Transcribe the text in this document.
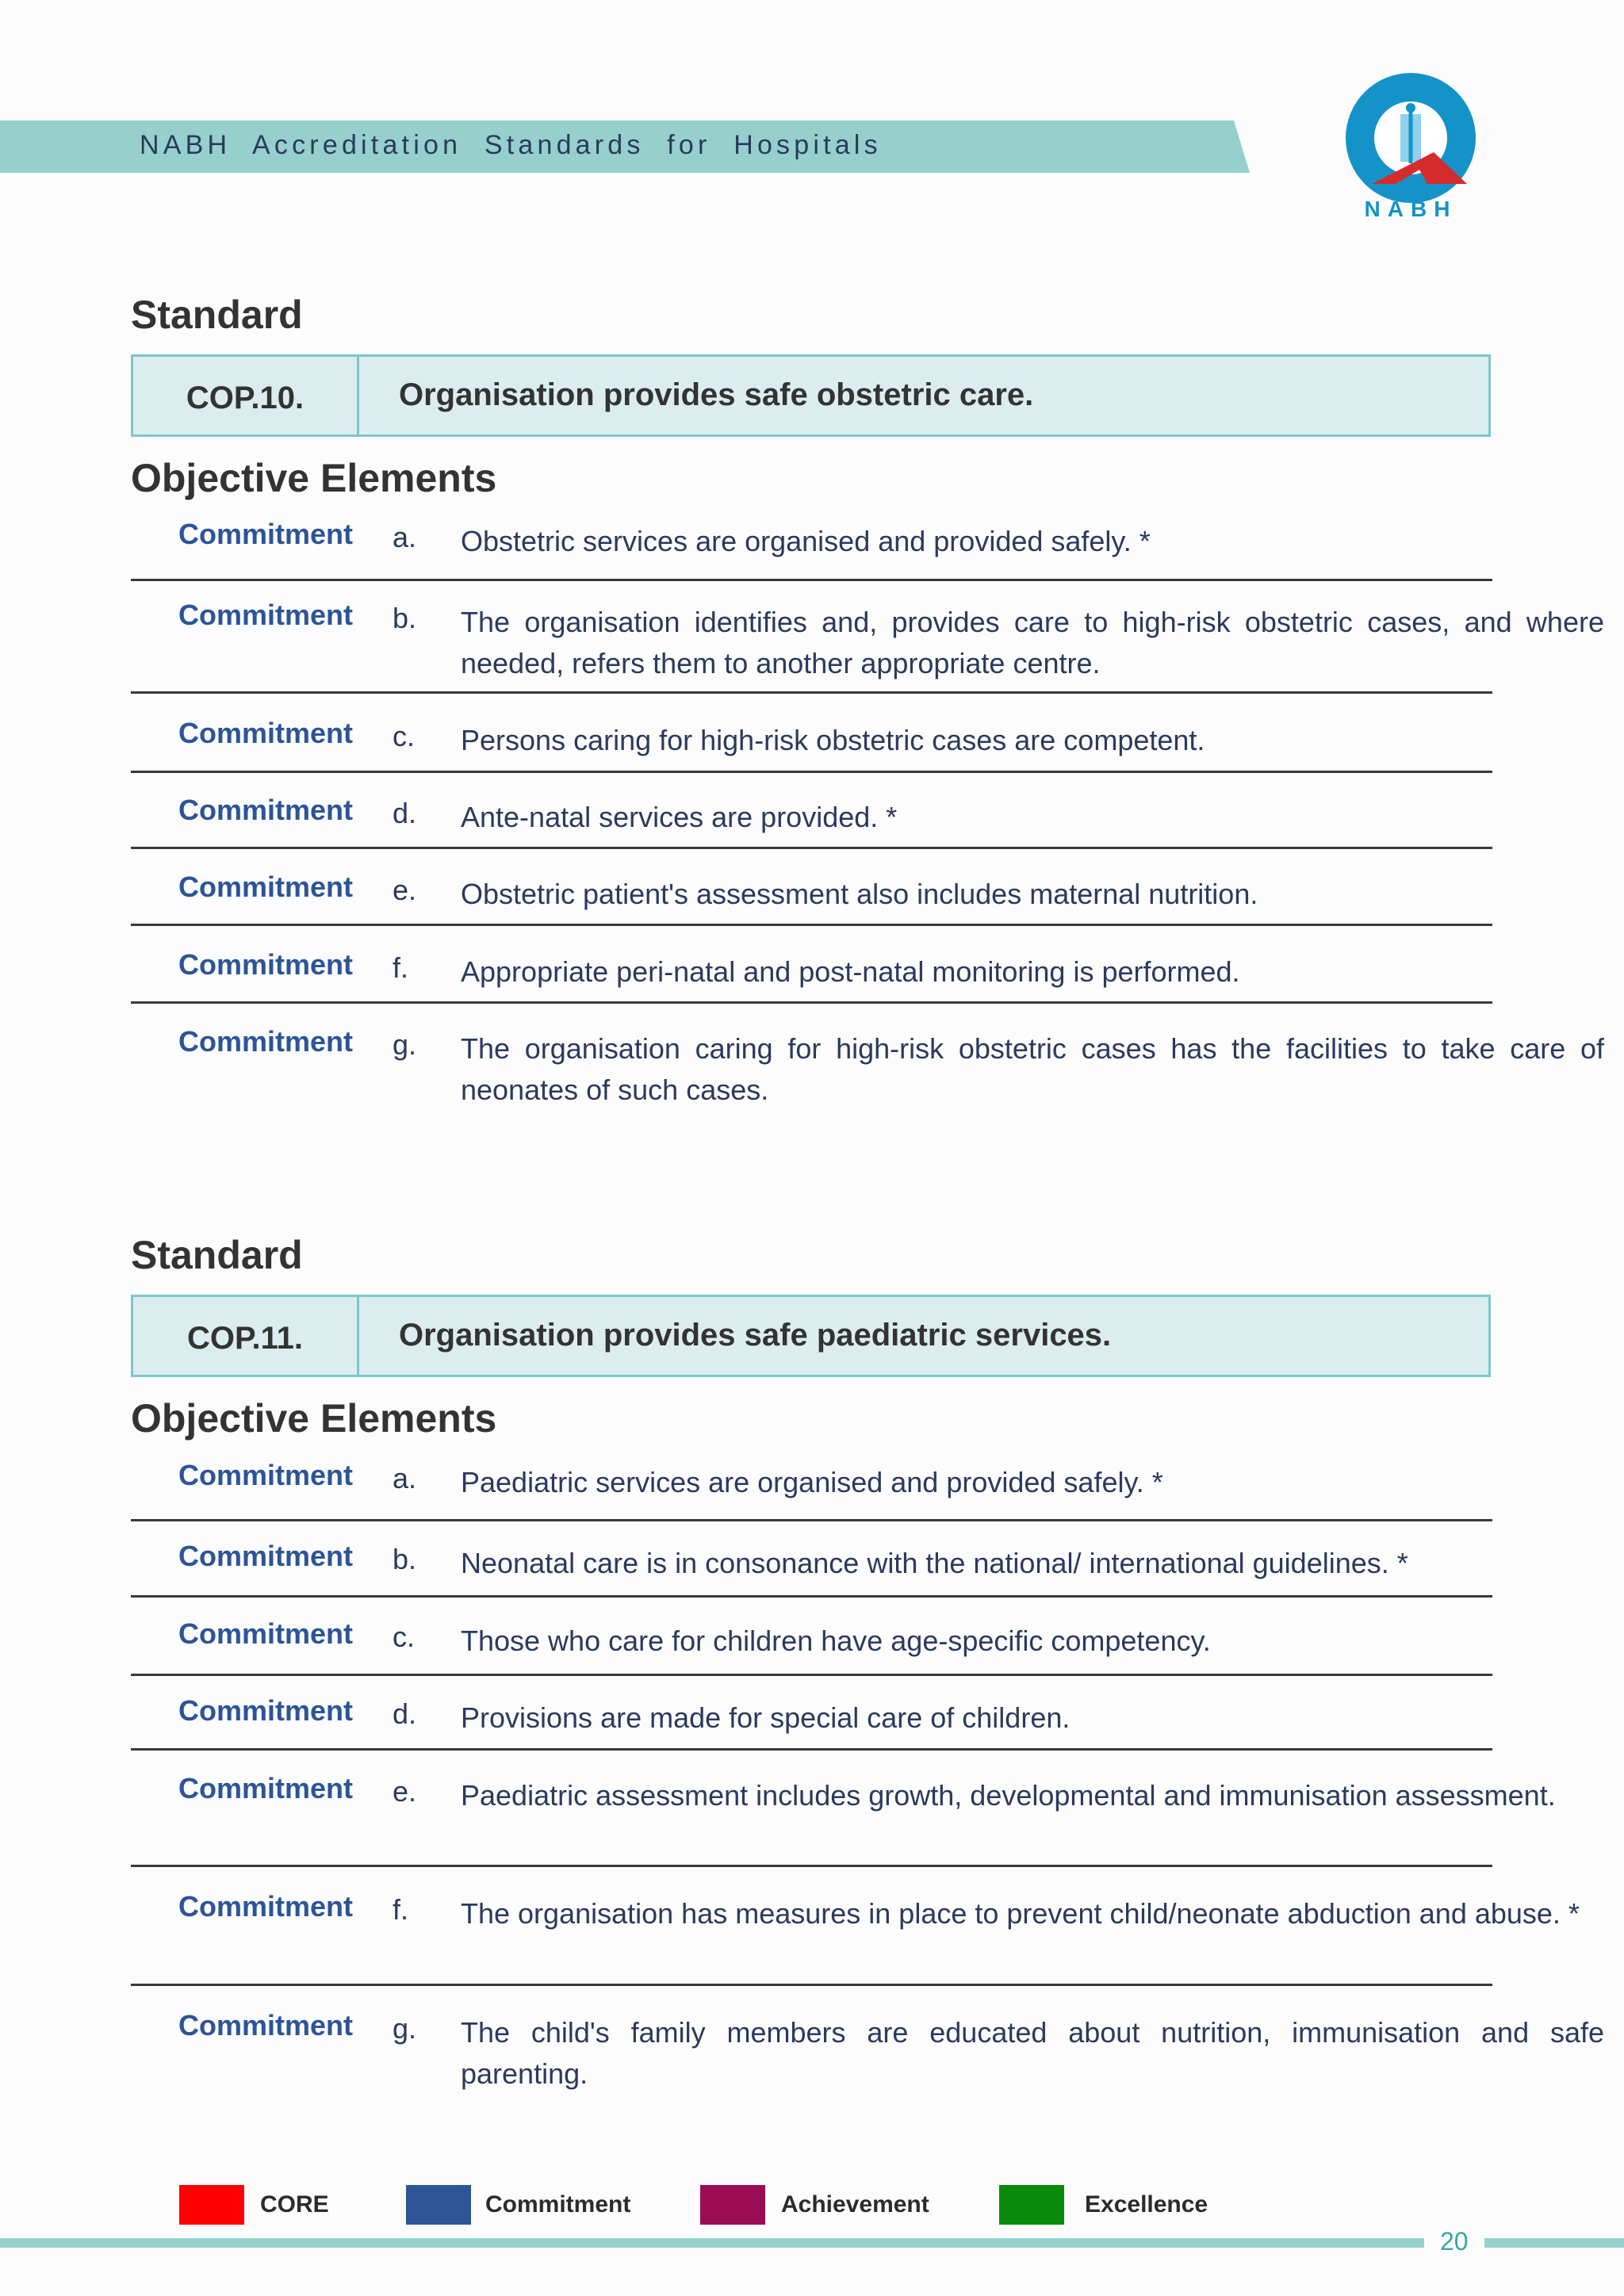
NABH Accreditation Standards for Hospitals
NABH
Standard
COP.10.	Organisation provides safe obstetric care.
Objective Elements
Commitment a. Obstetric services are organised and provided safely. *
Commitment b. The organisation identifies and, provides care to high-risk obstetric cases, and where needed, refers them to another appropriate centre.
Commitment c. Persons caring for high-risk obstetric cases are competent.
Commitment d. Ante-natal services are provided. *
Commitment e. Obstetric patient's assessment also includes maternal nutrition.
Commitment f. Appropriate peri-natal and post-natal monitoring is performed.
Commitment g. The organisation caring for high-risk obstetric cases has the facilities to take care of neonates of such cases.
Standard
COP.11.	Organisation provides safe paediatric services.
Objective Elements
Commitment a. Paediatric services are organised and provided safely. *
Commitment b. Neonatal care is in consonance with the national/ international guidelines. *
Commitment c. Those who care for children have age-specific competency.
Commitment d. Provisions are made for special care of children.
Commitment e. Paediatric assessment includes growth, developmental and immunisation assessment.
Commitment f. The organisation has measures in place to prevent child/neonate abduction and abuse. *
Commitment g. The child's family members are educated about nutrition, immunisation and safe parenting.
CORE	Commitment	Achievement	Excellence
20
